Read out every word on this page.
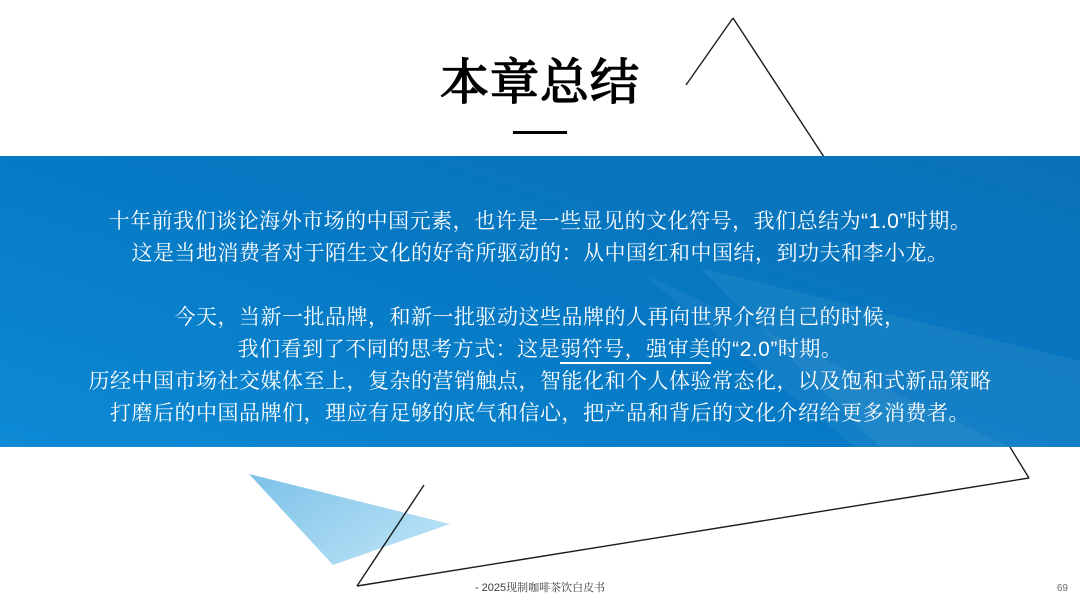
本章总结

十年前我们谈论海外市场的中国元素，也许是一些显见的文化符号，我们总结为“1.0”时期。
这是当地消费者对于陌生文化的好奇所驱动的：从中国红和中国结，到功夫和李小龙。

今天，当新一批品牌，和新一批驱动这些品牌的人再向世界介绍自己的时候，
我们看到了不同的思考方式：这是弱符号，强审美的“2.0”时期。
历经中国市场社交媒体至上，复杂的营销触点，智能化和个人体验常态化，以及饱和式新品策略
打磨后的中国品牌们，理应有足够的底气和信心，把产品和背后的文化介绍给更多消费者。

- 2025现制咖啡茶饮白皮书	69
